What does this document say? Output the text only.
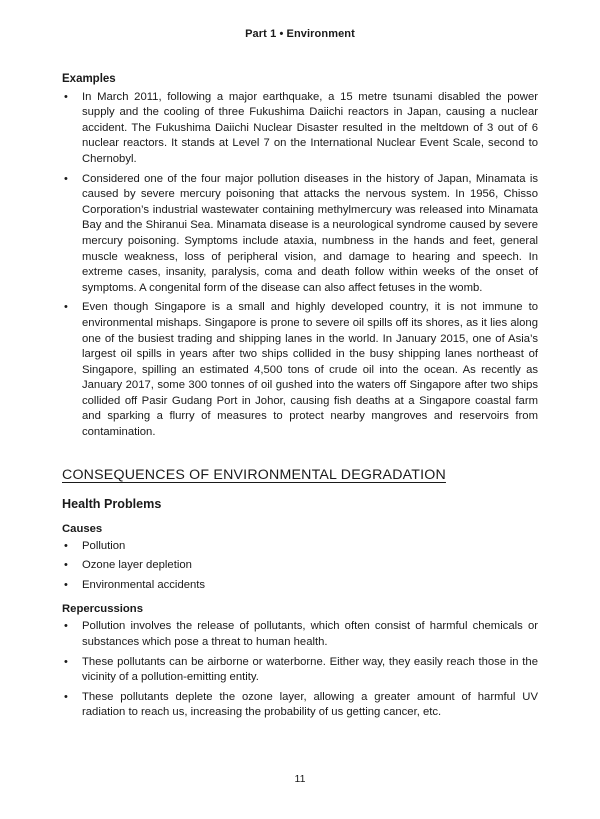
Part 1 • Environment
Examples
• In March 2011, following a major earthquake, a 15 metre tsunami disabled the power supply and the cooling of three Fukushima Daiichi reactors in Japan, causing a nuclear accident. The Fukushima Daiichi Nuclear Disaster resulted in the meltdown of 3 out of 6 nuclear reactors. It stands at Level 7 on the International Nuclear Event Scale, second to Chernobyl.
• Considered one of the four major pollution diseases in the history of Japan, Minamata is caused by severe mercury poisoning that attacks the nervous system. In 1956, Chisso Corporation’s industrial wastewater containing methylmercury was released into Minamata Bay and the Shiranui Sea. Minamata disease is a neurological syndrome caused by severe mercury poisoning. Symptoms include ataxia, numbness in the hands and feet, general muscle weakness, loss of peripheral vision, and damage to hearing and speech. In extreme cases, insanity, paralysis, coma and death follow within weeks of the onset of symptoms. A congenital form of the disease can also affect fetuses in the womb.
• Even though Singapore is a small and highly developed country, it is not immune to environmental mishaps. Singapore is prone to severe oil spills off its shores, as it lies along one of the busiest trading and shipping lanes in the world. In January 2015, one of Asia’s largest oil spills in years after two ships collided in the busy shipping lanes northeast of Singapore, spilling an estimated 4,500 tons of crude oil into the ocean. As recently as January 2017, some 300 tonnes of oil gushed into the waters off Singapore after two ships collided off Pasir Gudang Port in Johor, causing fish deaths at a Singapore coastal farm and sparking a flurry of measures to protect nearby mangroves and reservoirs from contamination.
CONSEQUENCES OF ENVIRONMENTAL DEGRADATION
Health Problems
Causes
• Pollution
• Ozone layer depletion
• Environmental accidents
Repercussions
• Pollution involves the release of pollutants, which often consist of harmful chemicals or substances which pose a threat to human health.
• These pollutants can be airborne or waterborne. Either way, they easily reach those in the vicinity of a pollution-emitting entity.
• These pollutants deplete the ozone layer, allowing a greater amount of harmful UV radiation to reach us, increasing the probability of us getting cancer, etc.
11
